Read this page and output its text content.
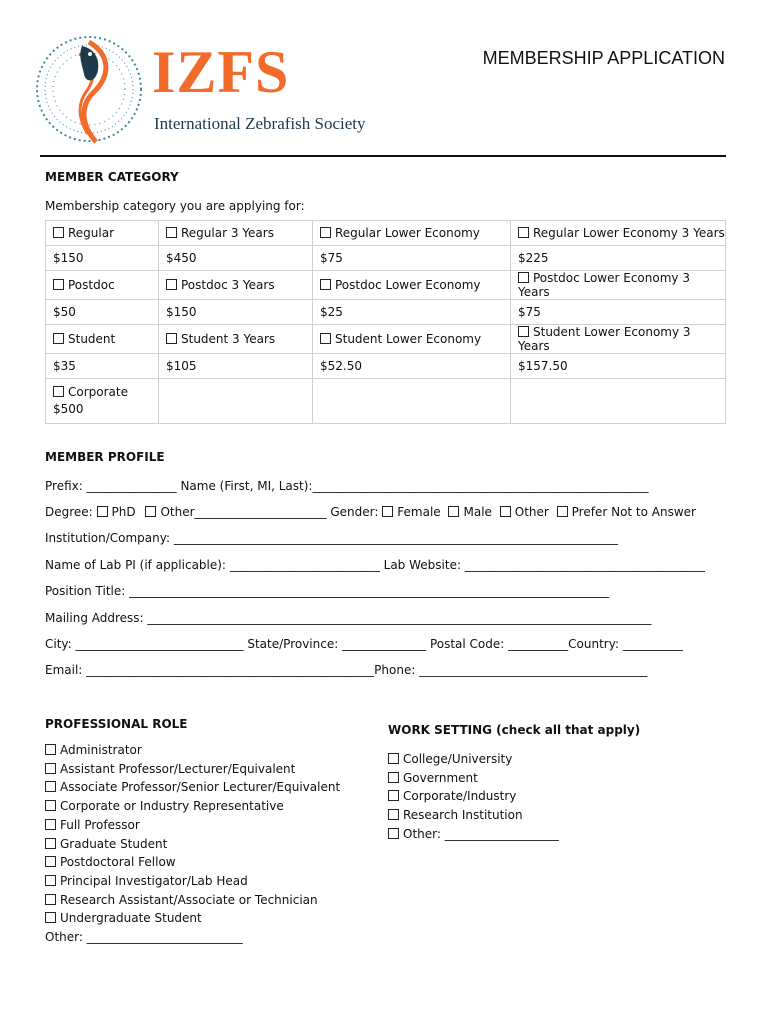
IZFS
International Zebrafish Society
MEMBERSHIP APPLICATION
MEMBER CATEGORY
Membership category you are applying for:
Regular	Regular 3 Years	Regular Lower Economy	Regular Lower Economy 3 Years
$150	$450	$75	$225
Postdoc	Postdoc 3 Years	Postdoc Lower Economy	Postdoc Lower Economy 3 Years
$50	$150	$25	$75
Student	Student 3 Years	Student Lower Economy	Student Lower Economy 3 Years
$35	$105	$52.50	$157.50
Corporate
$500			
MEMBER PROFILE
Prefix: _______________ Name (First, MI, Last):________________________________________________________
Degree: PhD Other______________________ Gender: Female Male Other Prefer Not to Answer
Institution/Company: __________________________________________________________________________
Name of Lab PI (if applicable): _________________________ Lab Website: ________________________________________
Position Title: ________________________________________________________________________________
Mailing Address: ____________________________________________________________________________________
City: ____________________________ State/Province: ______________ Postal Code: __________Country: __________
Email: ________________________________________________Phone: ______________________________________
PROFESSIONAL ROLE
Administrator
Assistant Professor/Lecturer/Equivalent
Associate Professor/Senior Lecturer/Equivalent
Corporate or Industry Representative
Full Professor
Graduate Student
Postdoctoral Fellow
Principal Investigator/Lab Head
Research Assistant/Associate or Technician
Undergraduate Student
Other: __________________________
WORK SETTING (check all that apply)
College/University
Government
Corporate/Industry
Research Institution
Other: ___________________
